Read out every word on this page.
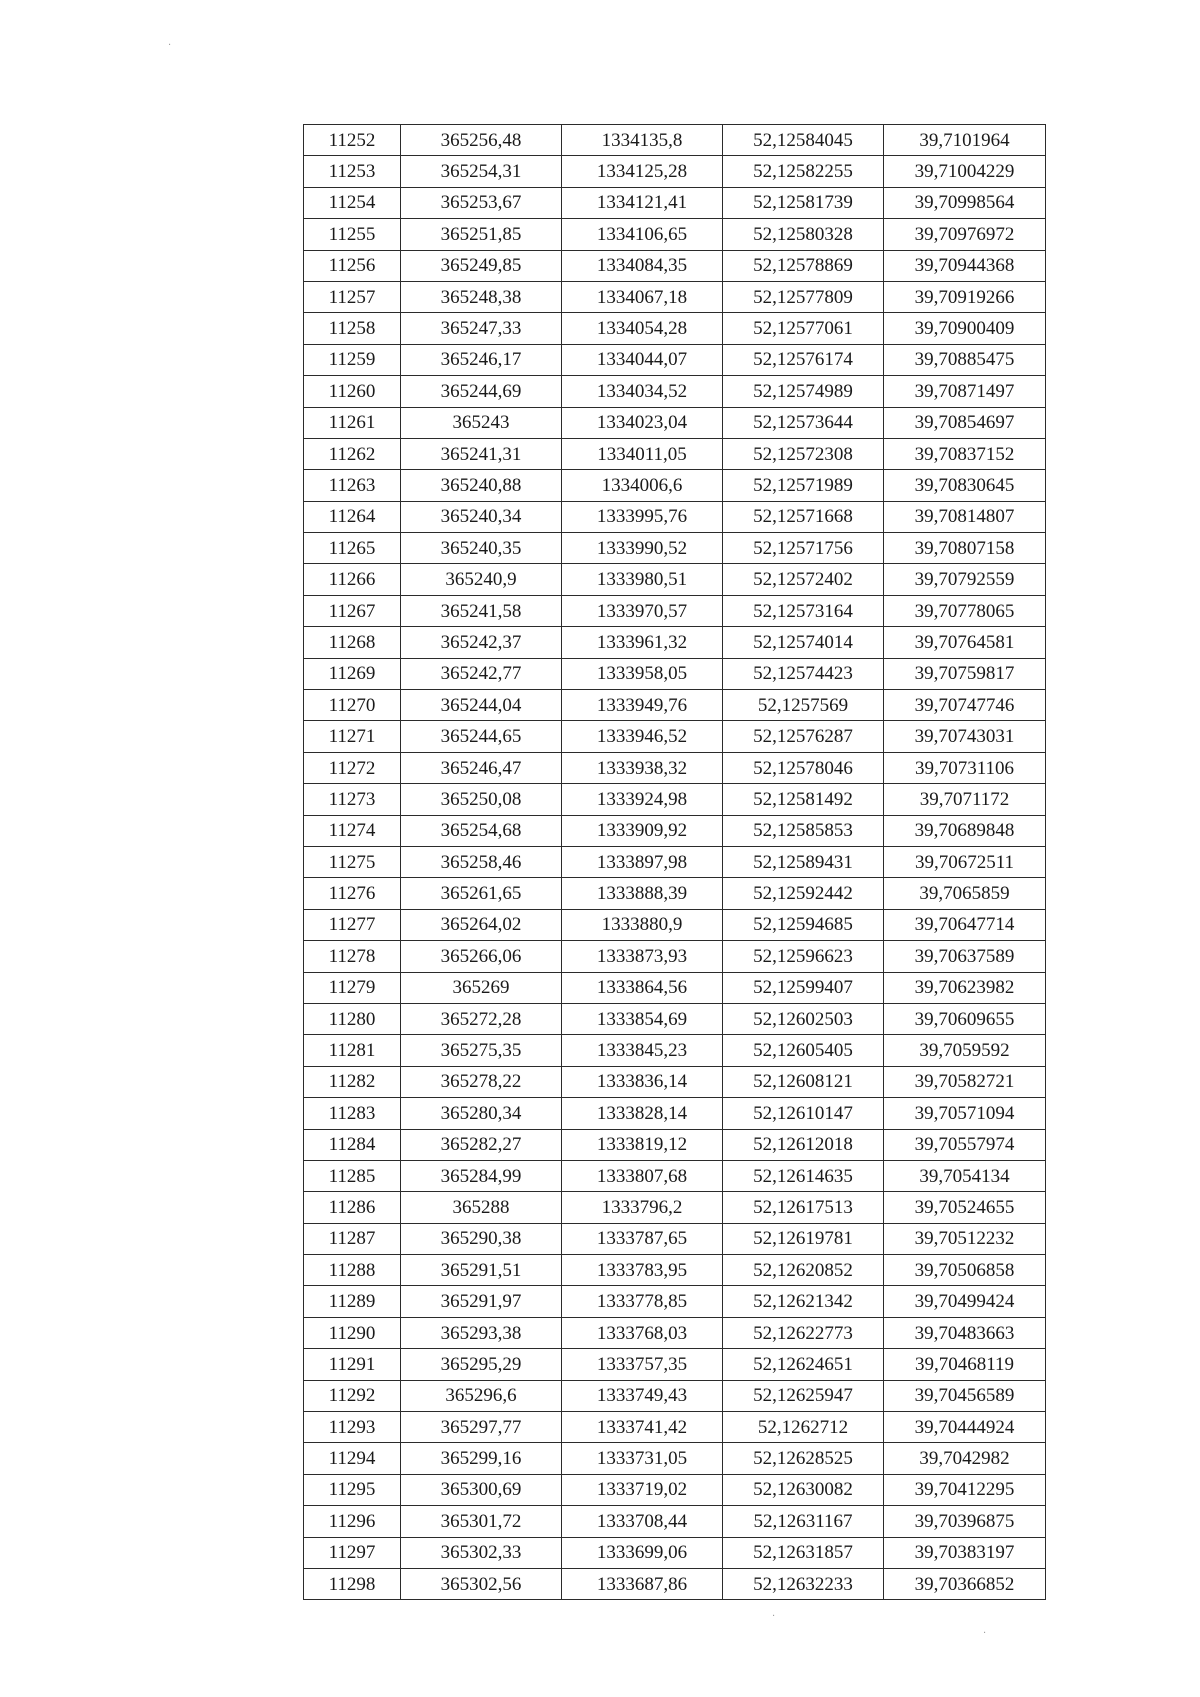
·
11252	365256,48	1334135,8	52,12584045	39,7101964
11253	365254,31	1334125,28	52,12582255	39,71004229
11254	365253,67	1334121,41	52,12581739	39,70998564
11255	365251,85	1334106,65	52,12580328	39,70976972
11256	365249,85	1334084,35	52,12578869	39,70944368
11257	365248,38	1334067,18	52,12577809	39,70919266
11258	365247,33	1334054,28	52,12577061	39,70900409
11259	365246,17	1334044,07	52,12576174	39,70885475
11260	365244,69	1334034,52	52,12574989	39,70871497
11261	365243	1334023,04	52,12573644	39,70854697
11262	365241,31	1334011,05	52,12572308	39,70837152
11263	365240,88	1334006,6	52,12571989	39,70830645
11264	365240,34	1333995,76	52,12571668	39,70814807
11265	365240,35	1333990,52	52,12571756	39,70807158
11266	365240,9	1333980,51	52,12572402	39,70792559
11267	365241,58	1333970,57	52,12573164	39,70778065
11268	365242,37	1333961,32	52,12574014	39,70764581
11269	365242,77	1333958,05	52,12574423	39,70759817
11270	365244,04	1333949,76	52,1257569	39,70747746
11271	365244,65	1333946,52	52,12576287	39,70743031
11272	365246,47	1333938,32	52,12578046	39,70731106
11273	365250,08	1333924,98	52,12581492	39,7071172
11274	365254,68	1333909,92	52,12585853	39,70689848
11275	365258,46	1333897,98	52,12589431	39,70672511
11276	365261,65	1333888,39	52,12592442	39,7065859
11277	365264,02	1333880,9	52,12594685	39,70647714
11278	365266,06	1333873,93	52,12596623	39,70637589
11279	365269	1333864,56	52,12599407	39,70623982
11280	365272,28	1333854,69	52,12602503	39,70609655
11281	365275,35	1333845,23	52,12605405	39,7059592
11282	365278,22	1333836,14	52,12608121	39,70582721
11283	365280,34	1333828,14	52,12610147	39,70571094
11284	365282,27	1333819,12	52,12612018	39,70557974
11285	365284,99	1333807,68	52,12614635	39,7054134
11286	365288	1333796,2	52,12617513	39,70524655
11287	365290,38	1333787,65	52,12619781	39,70512232
11288	365291,51	1333783,95	52,12620852	39,70506858
11289	365291,97	1333778,85	52,12621342	39,70499424
11290	365293,38	1333768,03	52,12622773	39,70483663
11291	365295,29	1333757,35	52,12624651	39,70468119
11292	365296,6	1333749,43	52,12625947	39,70456589
11293	365297,77	1333741,42	52,1262712	39,70444924
11294	365299,16	1333731,05	52,12628525	39,7042982
11295	365300,69	1333719,02	52,12630082	39,70412295
11296	365301,72	1333708,44	52,12631167	39,70396875
11297	365302,33	1333699,06	52,12631857	39,70383197
11298	365302,56	1333687,86	52,12632233	39,70366852
·
·
